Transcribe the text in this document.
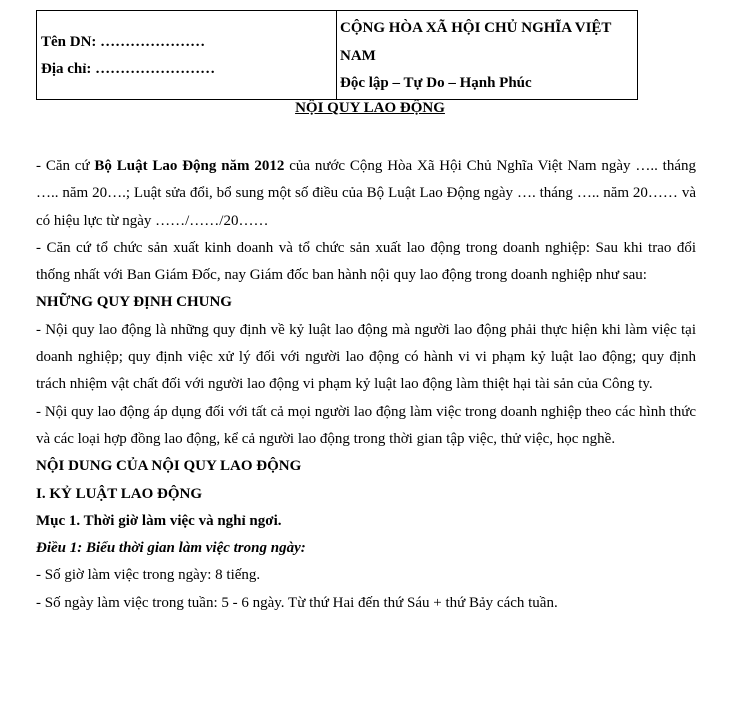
Tên DN: …………………
Địa chỉ: ……………………
CỘNG HÒA XÃ HỘI CHỦ NGHĨA VIỆT
NAM
Độc lập – Tự Do – Hạnh Phúc
NỘI QUY LAO ĐỘNG

- Căn cứ Bộ Luật Lao Động năm 2012 của nước Cộng Hòa Xã Hội Chủ Nghĩa Việt Nam ngày ….. tháng ….. năm 20….; Luật sửa đổi, bổ sung một số điều của Bộ Luật Lao Động ngày …. tháng ….. năm 20…… và có hiệu lực từ ngày ……/……/20……

- Căn cứ tổ chức sản xuất kinh doanh và tổ chức sản xuất lao động trong doanh nghiệp: Sau khi trao đổi thống nhất với Ban Giám Đốc, nay Giám đốc ban hành nội quy lao động trong doanh nghiệp như sau:

NHỮNG QUY ĐỊNH CHUNG

- Nội quy lao động là những quy định về kỷ luật lao động mà người lao động phải thực hiện khi làm việc tại doanh nghiệp; quy định việc xử lý đối với người lao động có hành vi vi phạm kỷ luật lao động; quy định trách nhiệm vật chất đối với người lao động vi phạm kỷ luật lao động làm thiệt hại tài sản của Công ty.

- Nội quy lao động áp dụng đối với tất cả mọi người lao động làm việc trong doanh nghiệp theo các hình thức và các loại hợp đồng lao động, kể cả người lao động trong thời gian tập việc, thử việc, học nghề.

NỘI DUNG CỦA NỘI QUY LAO ĐỘNG

I. KỶ LUẬT LAO ĐỘNG

Mục 1. Thời giờ làm việc và nghỉ ngơi.

Điều 1: Biểu thời gian làm việc trong ngày:

- Số giờ làm việc trong ngày: 8 tiếng.

- Số ngày làm việc trong tuần: 5 - 6 ngày. Từ thứ Hai đến thứ Sáu + thứ Bảy cách tuần.
